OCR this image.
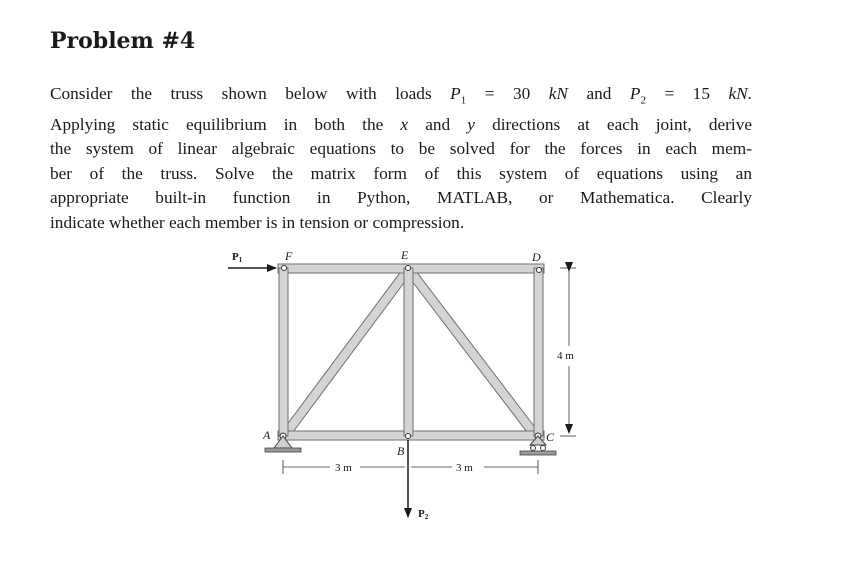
Problem #4
Consider the truss shown below with loads $P_1 = 30$ kN and $P_2 = 15$ kN.
Applying static equilibrium in both the x and y directions at each joint, derive
the system of linear algebraic equations to be solved for the forces in each mem-
ber of the truss. Solve the matrix form of this system of equations using an
appropriate built-in function in Python, MATLAB, or Mathematica. Clearly
indicate whether each member is in tension or compression.
P1
P2
F	E	D
A
B
C
4 m
3 m	3 m
